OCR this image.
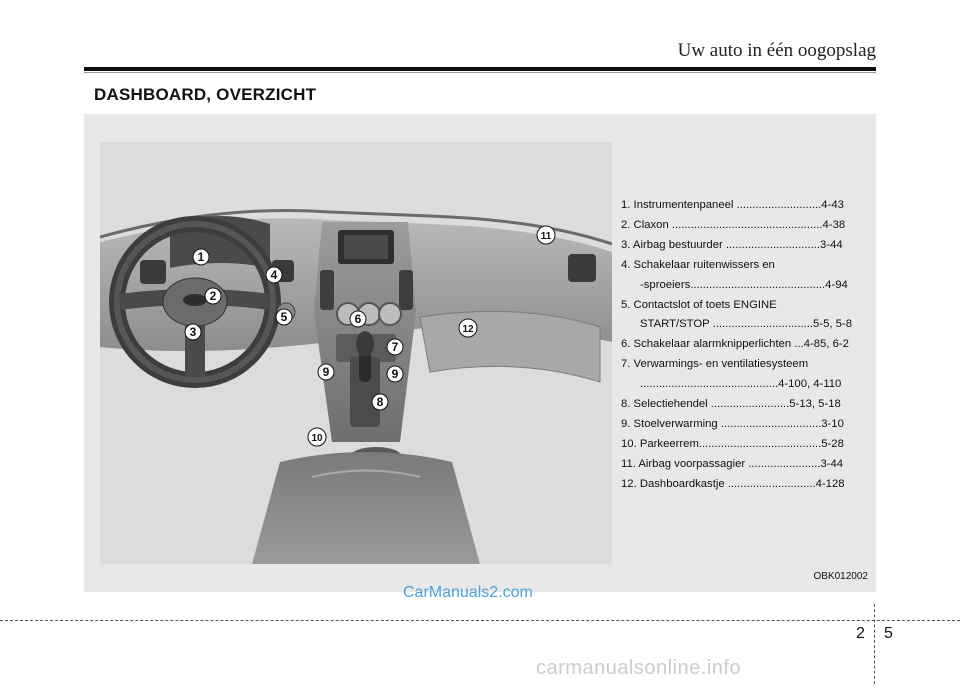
Uw auto in één oogopslag
DASHBOARD, OVERZICHT
1
2
3
4
5	6
7
8
9	9
10
11
12
1. Instrumentenpaneel ...........................4-43
2. Claxon ................................................4-38
3. Airbag bestuurder ..............................3-44
4. Schakelaar ruitenwissers en
-sproeiers...........................................4-94
5. Contactslot of toets ENGINE
START/STOP ................................5-5, 5-8
6. Schakelaar alarmknipperlichten ...4-85, 6-2
7. Verwarmings- en ventilatiesysteem
............................................4-100, 4-110
8. Selectiehendel .........................5-13, 5-18
9. Stoelverwarming ................................3-10
10. Parkeerrem.......................................5-28
11. Airbag voorpassagier .......................3-44
12. Dashboardkastje ............................4-128
OBK012002
CarManuals2.com
2 5
carmanualsonline.info
